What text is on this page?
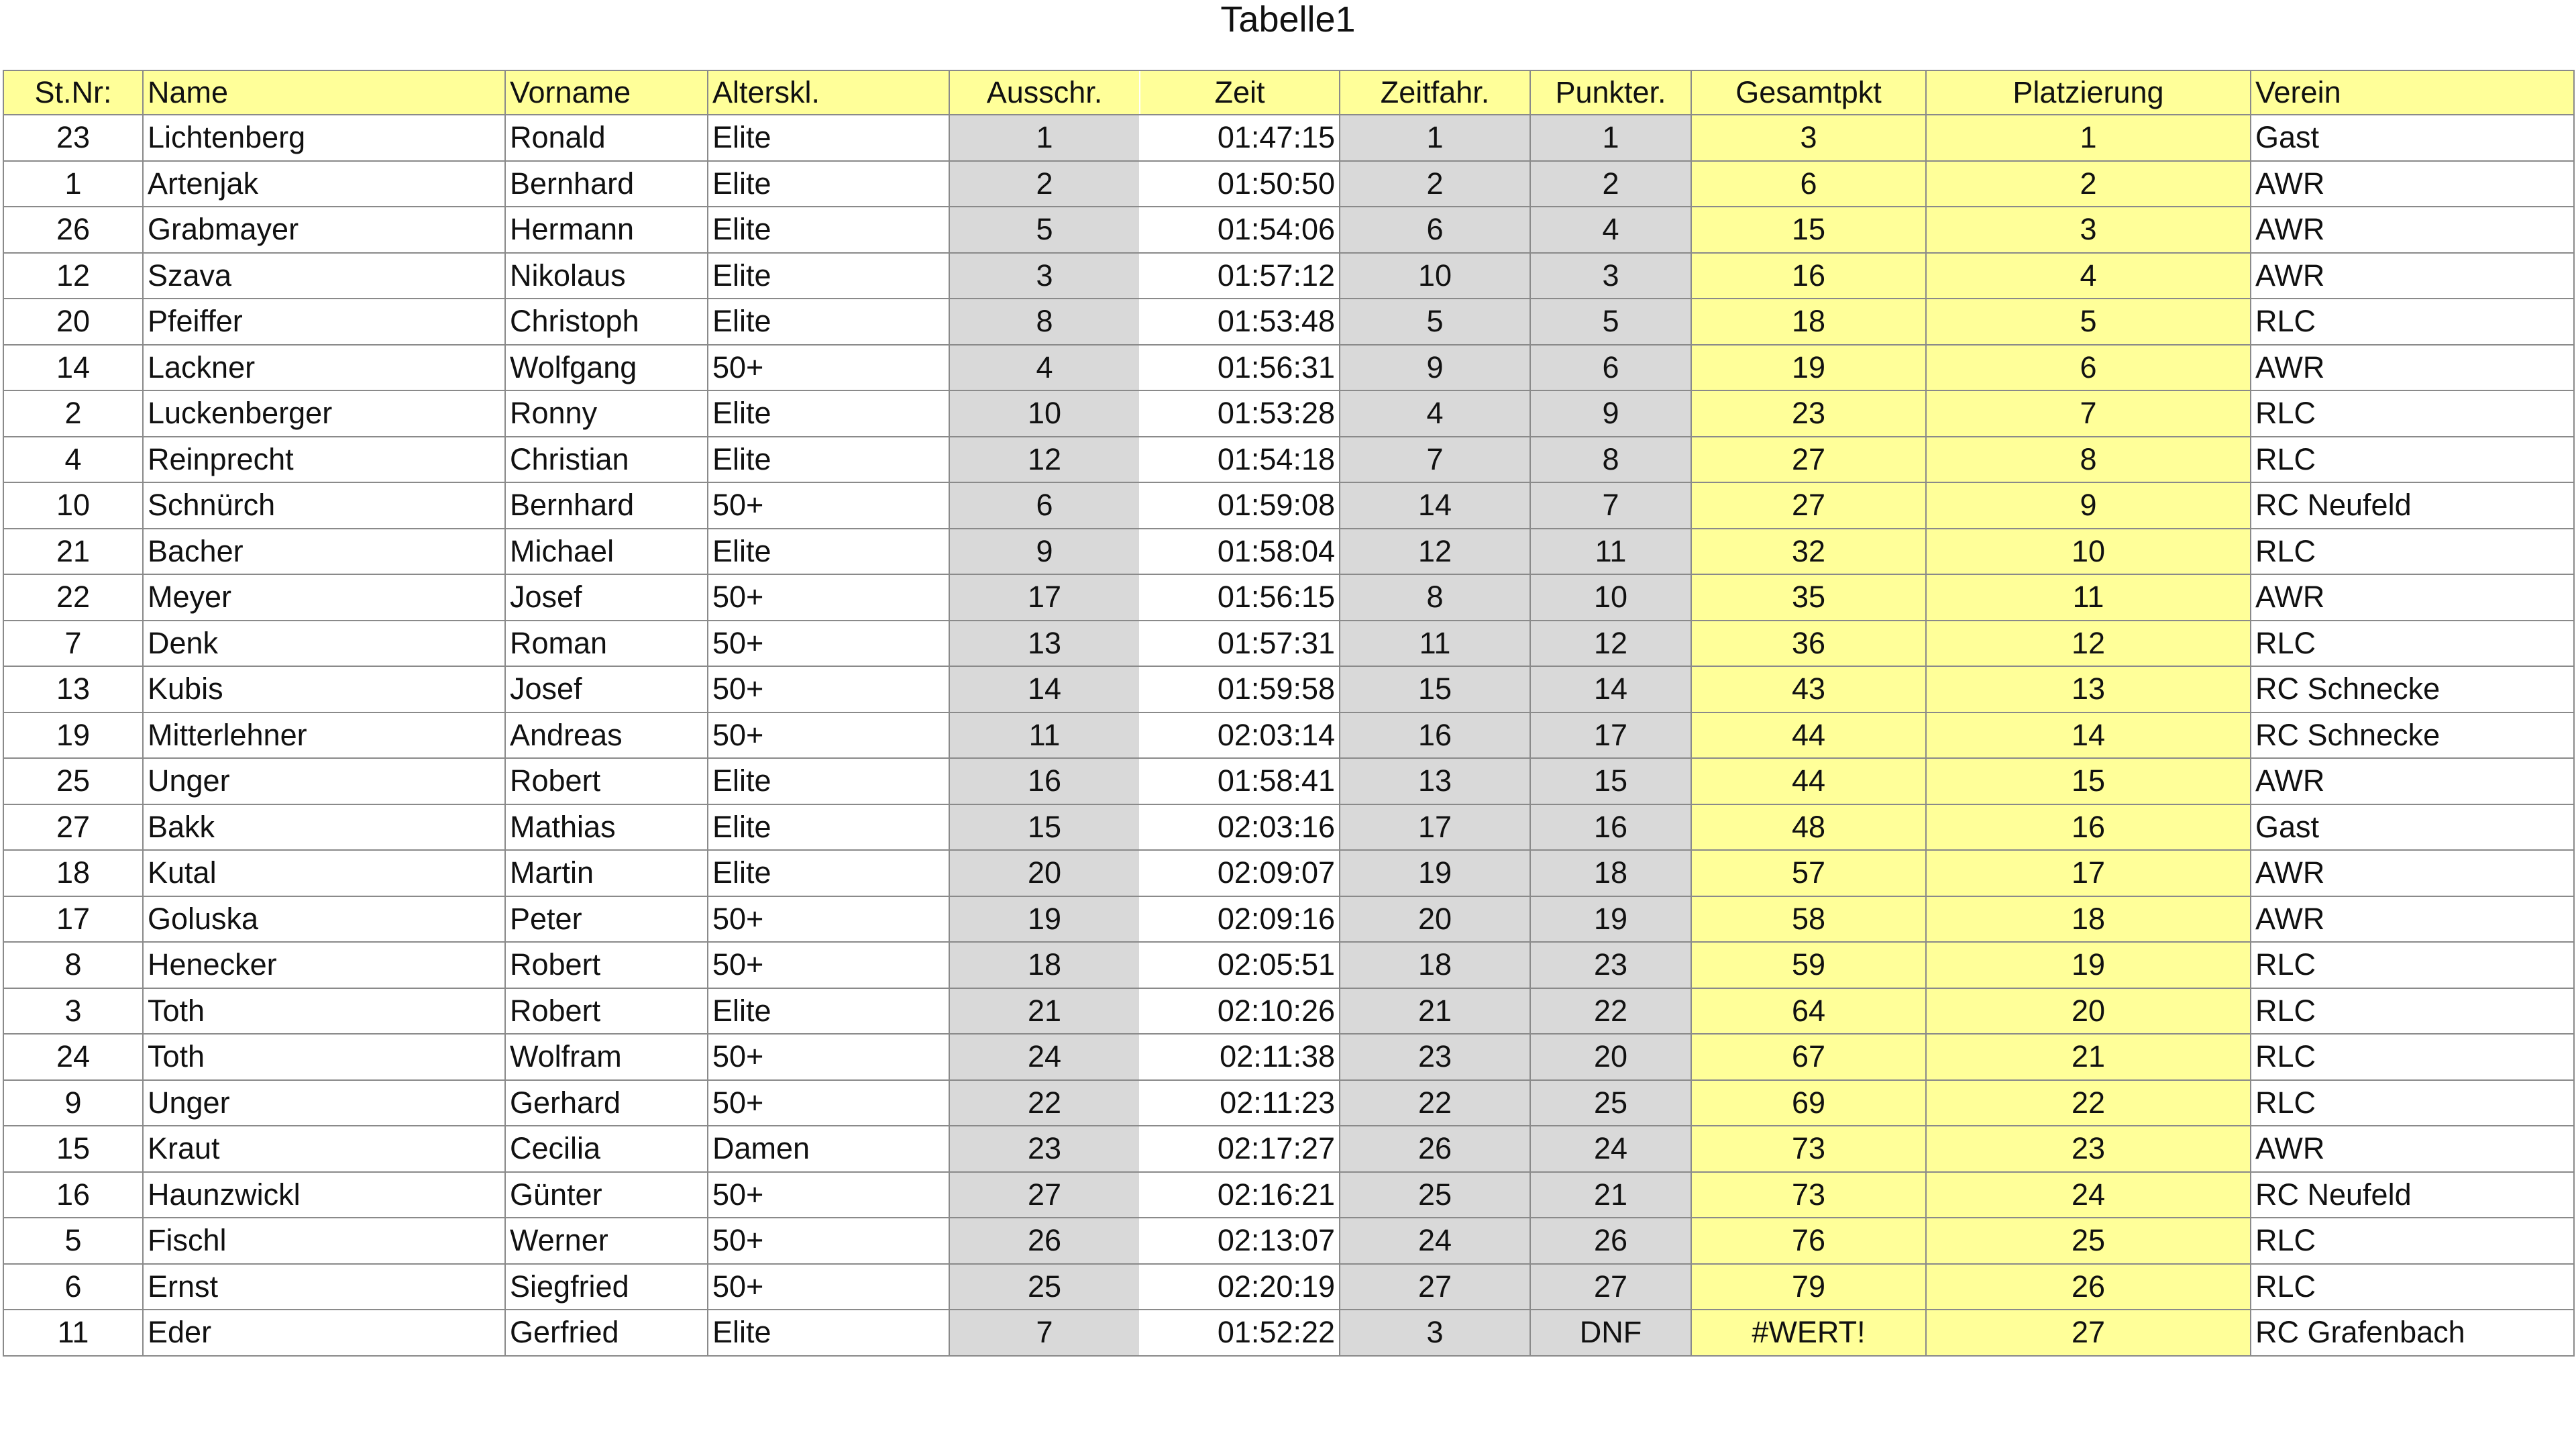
Tabelle1
St.Nr:	Name	Vorname	Alterskl.	Ausschr.	Zeit	Zeitfahr.	Punkter.	Gesamtpkt	Platzierung	Verein
23	Lichtenberg	Ronald	Elite	1	01:47:15	1	1	3	1	Gast
1	Artenjak	Bernhard	Elite	2	01:50:50	2	2	6	2	AWR
26	Grabmayer	Hermann	Elite	5	01:54:06	6	4	15	3	AWR
12	Szava	Nikolaus	Elite	3	01:57:12	10	3	16	4	AWR
20	Pfeiffer	Christoph	Elite	8	01:53:48	5	5	18	5	RLC
14	Lackner	Wolfgang	50+	4	01:56:31	9	6	19	6	AWR
2	Luckenberger	Ronny	Elite	10	01:53:28	4	9	23	7	RLC
4	Reinprecht	Christian	Elite	12	01:54:18	7	8	27	8	RLC
10	Schnürch	Bernhard	50+	6	01:59:08	14	7	27	9	RC Neufeld
21	Bacher	Michael	Elite	9	01:58:04	12	11	32	10	RLC
22	Meyer	Josef	50+	17	01:56:15	8	10	35	11	AWR
7	Denk	Roman	50+	13	01:57:31	11	12	36	12	RLC
13	Kubis	Josef	50+	14	01:59:58	15	14	43	13	RC Schnecke
19	Mitterlehner	Andreas	50+	11	02:03:14	16	17	44	14	RC Schnecke
25	Unger	Robert	Elite	16	01:58:41	13	15	44	15	AWR
27	Bakk	Mathias	Elite	15	02:03:16	17	16	48	16	Gast
18	Kutal	Martin	Elite	20	02:09:07	19	18	57	17	AWR
17	Goluska	Peter	50+	19	02:09:16	20	19	58	18	AWR
8	Henecker	Robert	50+	18	02:05:51	18	23	59	19	RLC
3	Toth	Robert	Elite	21	02:10:26	21	22	64	20	RLC
24	Toth	Wolfram	50+	24	02:11:38	23	20	67	21	RLC
9	Unger	Gerhard	50+	22	02:11:23	22	25	69	22	RLC
15	Kraut	Cecilia	Damen	23	02:17:27	26	24	73	23	AWR
16	Haunzwickl	Günter	50+	27	02:16:21	25	21	73	24	RC Neufeld
5	Fischl	Werner	50+	26	02:13:07	24	26	76	25	RLC
6	Ernst	Siegfried	50+	25	02:20:19	27	27	79	26	RLC
11	Eder	Gerfried	Elite	7	01:52:22	3	DNF	#WERT!	27	RC Grafenbach
